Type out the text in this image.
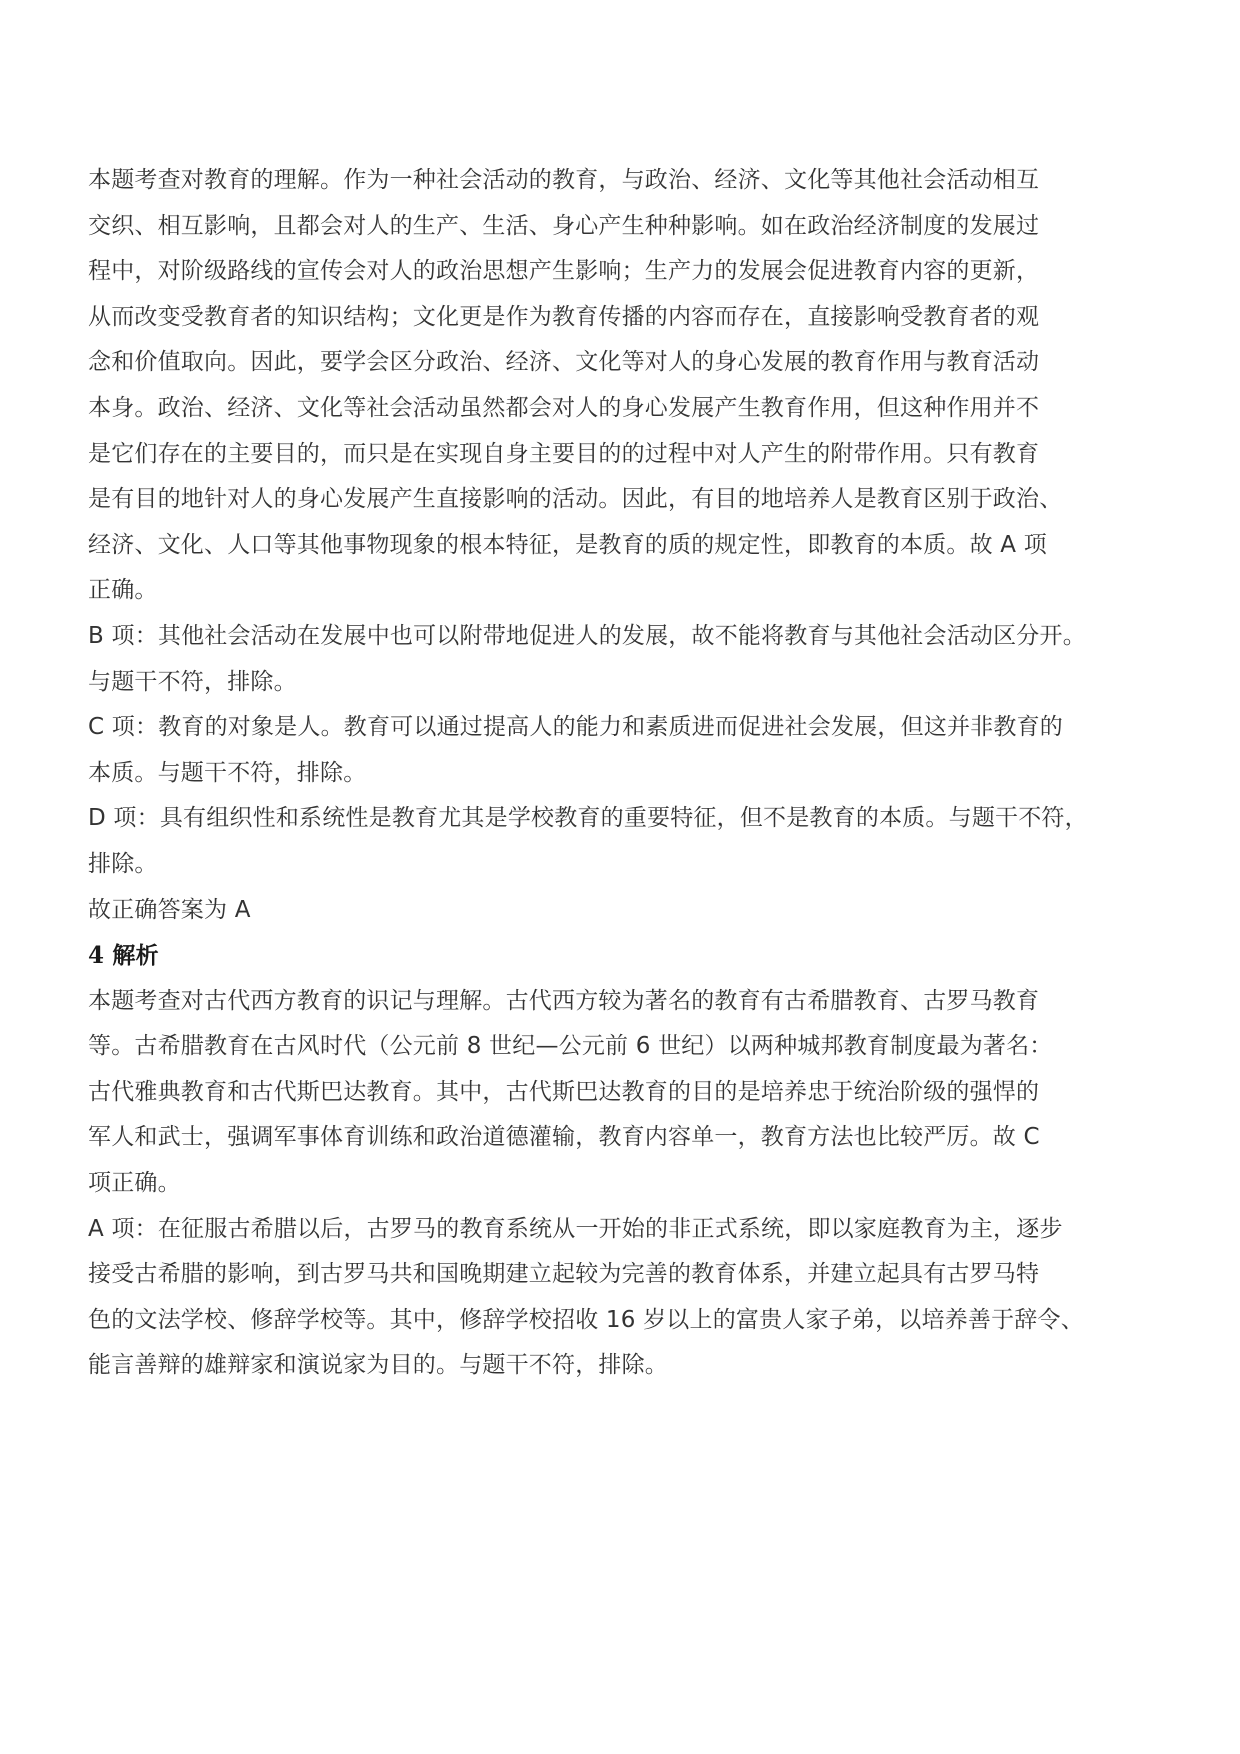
本题考查对教育的理解。作为一种社会活动的教育，与政治、经济、文化等其他社会活动相互
交织、相互影响，且都会对人的生产、生活、身心产生种种影响。如在政治经济制度的发展过
程中，对阶级路线的宣传会对人的政治思想产生影响；生产力的发展会促进教育内容的更新，
从而改变受教育者的知识结构；文化更是作为教育传播的内容而存在，直接影响受教育者的观
念和价值取向。因此，要学会区分政治、经济、文化等对人的身心发展的教育作用与教育活动
本身。政治、经济、文化等社会活动虽然都会对人的身心发展产生教育作用，但这种作用并不
是它们存在的主要目的，而只是在实现自身主要目的的过程中对人产生的附带作用。只有教育
是有目的地针对人的身心发展产生直接影响的活动。因此，有目的地培养人是教育区别于政治、
经济、文化、人口等其他事物现象的根本特征，是教育的质的规定性，即教育的本质。故 A 项
正确。
B 项：其他社会活动在发展中也可以附带地促进人的发展，故不能将教育与其他社会活动区分开。
与题干不符，排除。
C 项：教育的对象是人。教育可以通过提高人的能力和素质进而促进社会发展，但这并非教育的
本质。与题干不符，排除。
D 项：具有组织性和系统性是教育尤其是学校教育的重要特征，但不是教育的本质。与题干不符，
排除。
故正确答案为 A
4 解析
本题考查对古代西方教育的识记与理解。古代西方较为著名的教育有古希腊教育、古罗马教育
等。古希腊教育在古风时代（公元前 8 世纪—公元前 6 世纪）以两种城邦教育制度最为著名：
古代雅典教育和古代斯巴达教育。其中，古代斯巴达教育的目的是培养忠于统治阶级的强悍的
军人和武士，强调军事体育训练和政治道德灌输，教育内容单一，教育方法也比较严厉。故 C
项正确。
A 项：在征服古希腊以后，古罗马的教育系统从一开始的非正式系统，即以家庭教育为主，逐步
接受古希腊的影响，到古罗马共和国晚期建立起较为完善的教育体系，并建立起具有古罗马特
色的文法学校、修辞学校等。其中，修辞学校招收 16 岁以上的富贵人家子弟，以培养善于辞令、
能言善辩的雄辩家和演说家为目的。与题干不符，排除。
